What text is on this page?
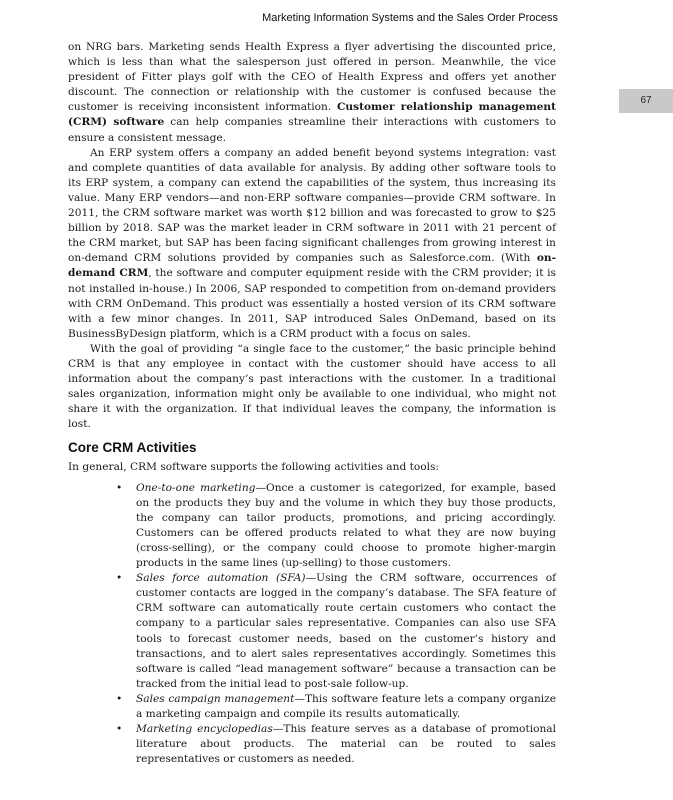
Marketing Information Systems and the Sales Order Process
67

on NRG bars. Marketing sends Health Express a flyer advertising the discounted price, which is less than what the salesperson just offered in person. Meanwhile, the vice president of Fitter plays golf with the CEO of Health Express and offers yet another discount. The connection or relationship with the customer is confused because the customer is receiving inconsistent information. Customer relationship management (CRM) software can help companies streamline their interactions with customers to ensure a consistent message.

An ERP system offers a company an added benefit beyond systems integration: vast and complete quantities of data available for analysis. By adding other software tools to its ERP system, a company can extend the capabilities of the system, thus increasing its value. Many ERP vendors—and non-ERP software companies—provide CRM software. In 2011, the CRM software market was worth $12 billion and was forecasted to grow to $25 billion by 2018. SAP was the market leader in CRM software in 2011 with 21 percent of the CRM market, but SAP has been facing significant challenges from growing interest in on-demand CRM solutions provided by companies such as Salesforce.com. (With on-demand CRM, the software and computer equipment reside with the CRM provider; it is not installed in-house.) In 2006, SAP responded to competition from on-demand providers with CRM OnDemand. This product was essentially a hosted version of its CRM software with a few minor changes. In 2011, SAP introduced Sales OnDemand, based on its BusinessByDesign platform, which is a CRM product with a focus on sales.

With the goal of providing “a single face to the customer,” the basic principle behind CRM is that any employee in contact with the customer should have access to all information about the company’s past interactions with the customer. In a traditional sales organization, information might only be available to one individual, who might not share it with the organization. If that individual leaves the company, the information is lost.

Core CRM Activities

In general, CRM software supports the following activities and tools:

• One-to-one marketing—Once a customer is categorized, for example, based on the products they buy and the volume in which they buy those products, the company can tailor products, promotions, and pricing accordingly. Customers can be offered products related to what they are now buying (cross-selling), or the company could choose to promote higher-margin products in the same lines (up-selling) to those customers.
• Sales force automation (SFA)—Using the CRM software, occurrences of customer contacts are logged in the company’s database. The SFA feature of CRM software can automatically route certain customers who contact the company to a particular sales representative. Companies can also use SFA tools to forecast customer needs, based on the customer’s history and transactions, and to alert sales representatives accordingly. Sometimes this software is called “lead management software” because a transaction can be tracked from the initial lead to post-sale follow-up.
• Sales campaign management—This software feature lets a company organize a marketing campaign and compile its results automatically.
• Marketing encyclopedias—This feature serves as a database of promotional literature about products. The material can be routed to sales representatives or customers as needed.
